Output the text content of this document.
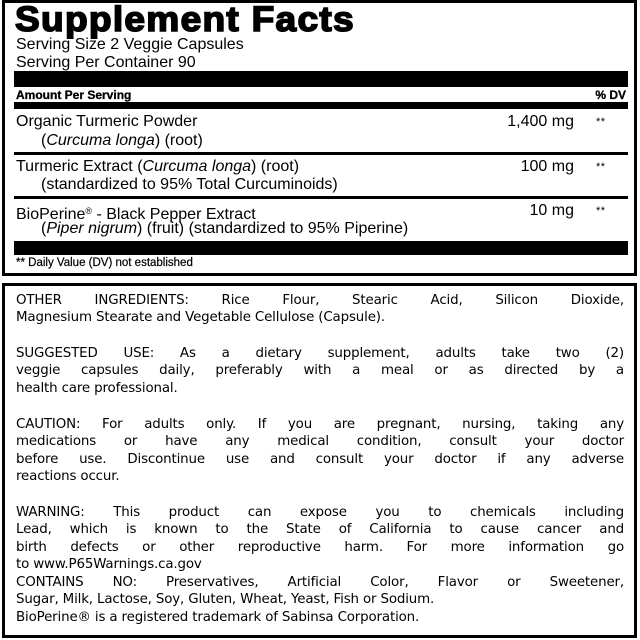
Supplement Facts
Serving Size 2 Veggie Capsules
Serving Per Container 90
Amount Per Serving	% DV
Organic Turmeric Powder	1,400 mg **
(Curcuma longa) (root)
Turmeric Extract (Curcuma longa) (root)	100 mg **
(standardized to 95% Total Curcuminoids)
BioPerine® - Black Pepper Extract	10 mg **
(Piper nigrum) (fruit) (standardized to 95% Piperine)
** Daily Value (DV) not established
OTHER INGREDIENTS: Rice Flour, Stearic Acid, Silicon Dioxide,
Magnesium Stearate and Vegetable Cellulose (Capsule).
SUGGESTED USE: As a dietary supplement, adults take two (2)
veggie capsules daily, preferably with a meal or as directed by a
health care professional.
CAUTION: For adults only. If you are pregnant, nursing, taking any
medications or have any medical condition, consult your doctor
before use. Discontinue use and consult your doctor if any adverse
reactions occur.
WARNING: This product can expose you to chemicals including
Lead, which is known to the State of California to cause cancer and
birth defects or other reproductive harm. For more information go
to www.P65Warnings.ca.gov
CONTAINS NO: Preservatives, Artificial Color, Flavor or Sweetener,
Sugar, Milk, Lactose, Soy, Gluten, Wheat, Yeast, Fish or Sodium.
BioPerine® is a registered trademark of Sabinsa Corporation.
